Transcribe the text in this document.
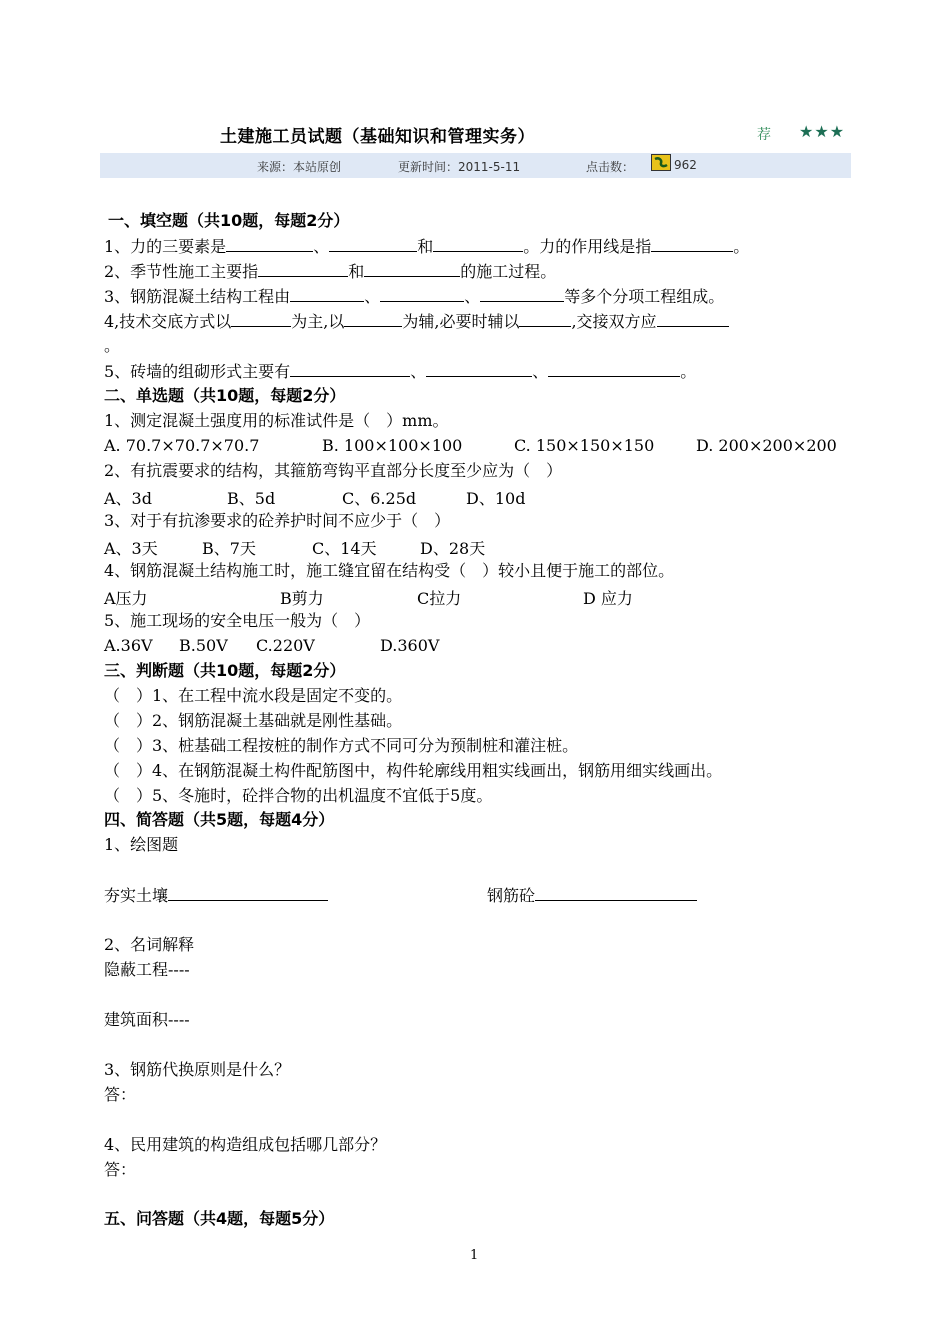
土建施工员试题（基础知识和管理实务）	荐 ★★★
来源：本站原创	更新时间：2011-5-11	点击数：	962
一、填空题（共10题，每题2分）
1、力的三要素是	、	和	。力的作用线是指	。
2、季节性施工主要指	和	的施工过程。
3、钢筋混凝土结构工程由	、	、	等多个分项工程组成。
4,技术交底方式以	为主,以	为辅,必要时辅以	,交接双方应
。
5、砖墙的组砌形式主要有	、	、	。
二、单选题（共10题，每题2分）
1、测定混凝土强度用的标准试件是（　）mm。
A. 70.7×70.7×70.7	B. 100×100×100	C. 150×150×150	D. 200×200×200
2、有抗震要求的结构，其箍筋弯钩平直部分长度至少应为（　）
A、3d	B、5d	C、6.25d	D、10d
3、对于有抗渗要求的砼养护时间不应少于（　）
A、3天	B、7天	C、14天	D、28天
4、钢筋混凝土结构施工时，施工缝宜留在结构受（　）较小且便于施工的部位。
A压力	B剪力	C拉力	D 应力
5、施工现场的安全电压一般为（　）
A.36V B.50V C.220V	D.360V
三、判断题（共10题，每题2分）
（　）1、在工程中流水段是固定不变的。
（　）2、钢筋混凝土基础就是刚性基础。
（　）3、桩基础工程按桩的制作方式不同可分为预制桩和灌注桩。
（　）4、在钢筋混凝土构件配筋图中，构件轮廓线用粗实线画出，钢筋用细实线画出。
（　）5、冬施时，砼拌合物的出机温度不宜低于5度。
四、简答题（共5题，每题4分）
1、绘图题
夯实土壤	钢筋砼
2、名词解释
隐蔽工程----
建筑面积----
3、钢筋代换原则是什么？
答：
4、民用建筑的构造组成包括哪几部分？
答：
五、问答题（共4题，每题5分）
1
